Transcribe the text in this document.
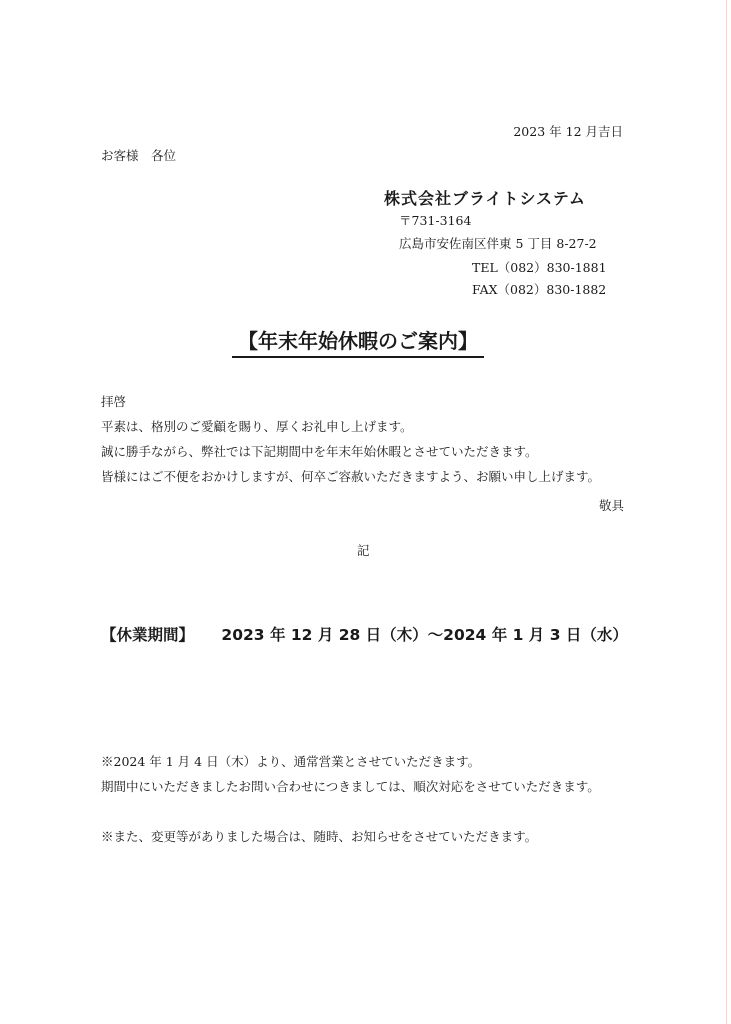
2023 年 12 月吉日
お客様　各位
株式会社ブライトシステム
〒731-3164
広島市安佐南区伴東 5 丁目 8-27-2
TEL（082）830-1881
FAX（082）830-1882
【年末年始休暇のご案内】
拝啓
平素は、格別のご愛顧を賜り、厚くお礼申し上げます。
誠に勝手ながら、弊社では下記期間中を年末年始休暇とさせていただきます。
皆様にはご不便をおかけしますが、何卒ご容赦いただきますよう、お願い申し上げます。
敬具
記
【休業期間】 2023 年 12 月 28 日（木）～2024 年 1 月 3 日（水）
※2024 年 1 月 4 日（木）より、通常営業とさせていただきます。
期間中にいただきましたお問い合わせにつきましては、順次対応をさせていただきます。
※また、変更等がありました場合は、随時、お知らせをさせていただきます。
